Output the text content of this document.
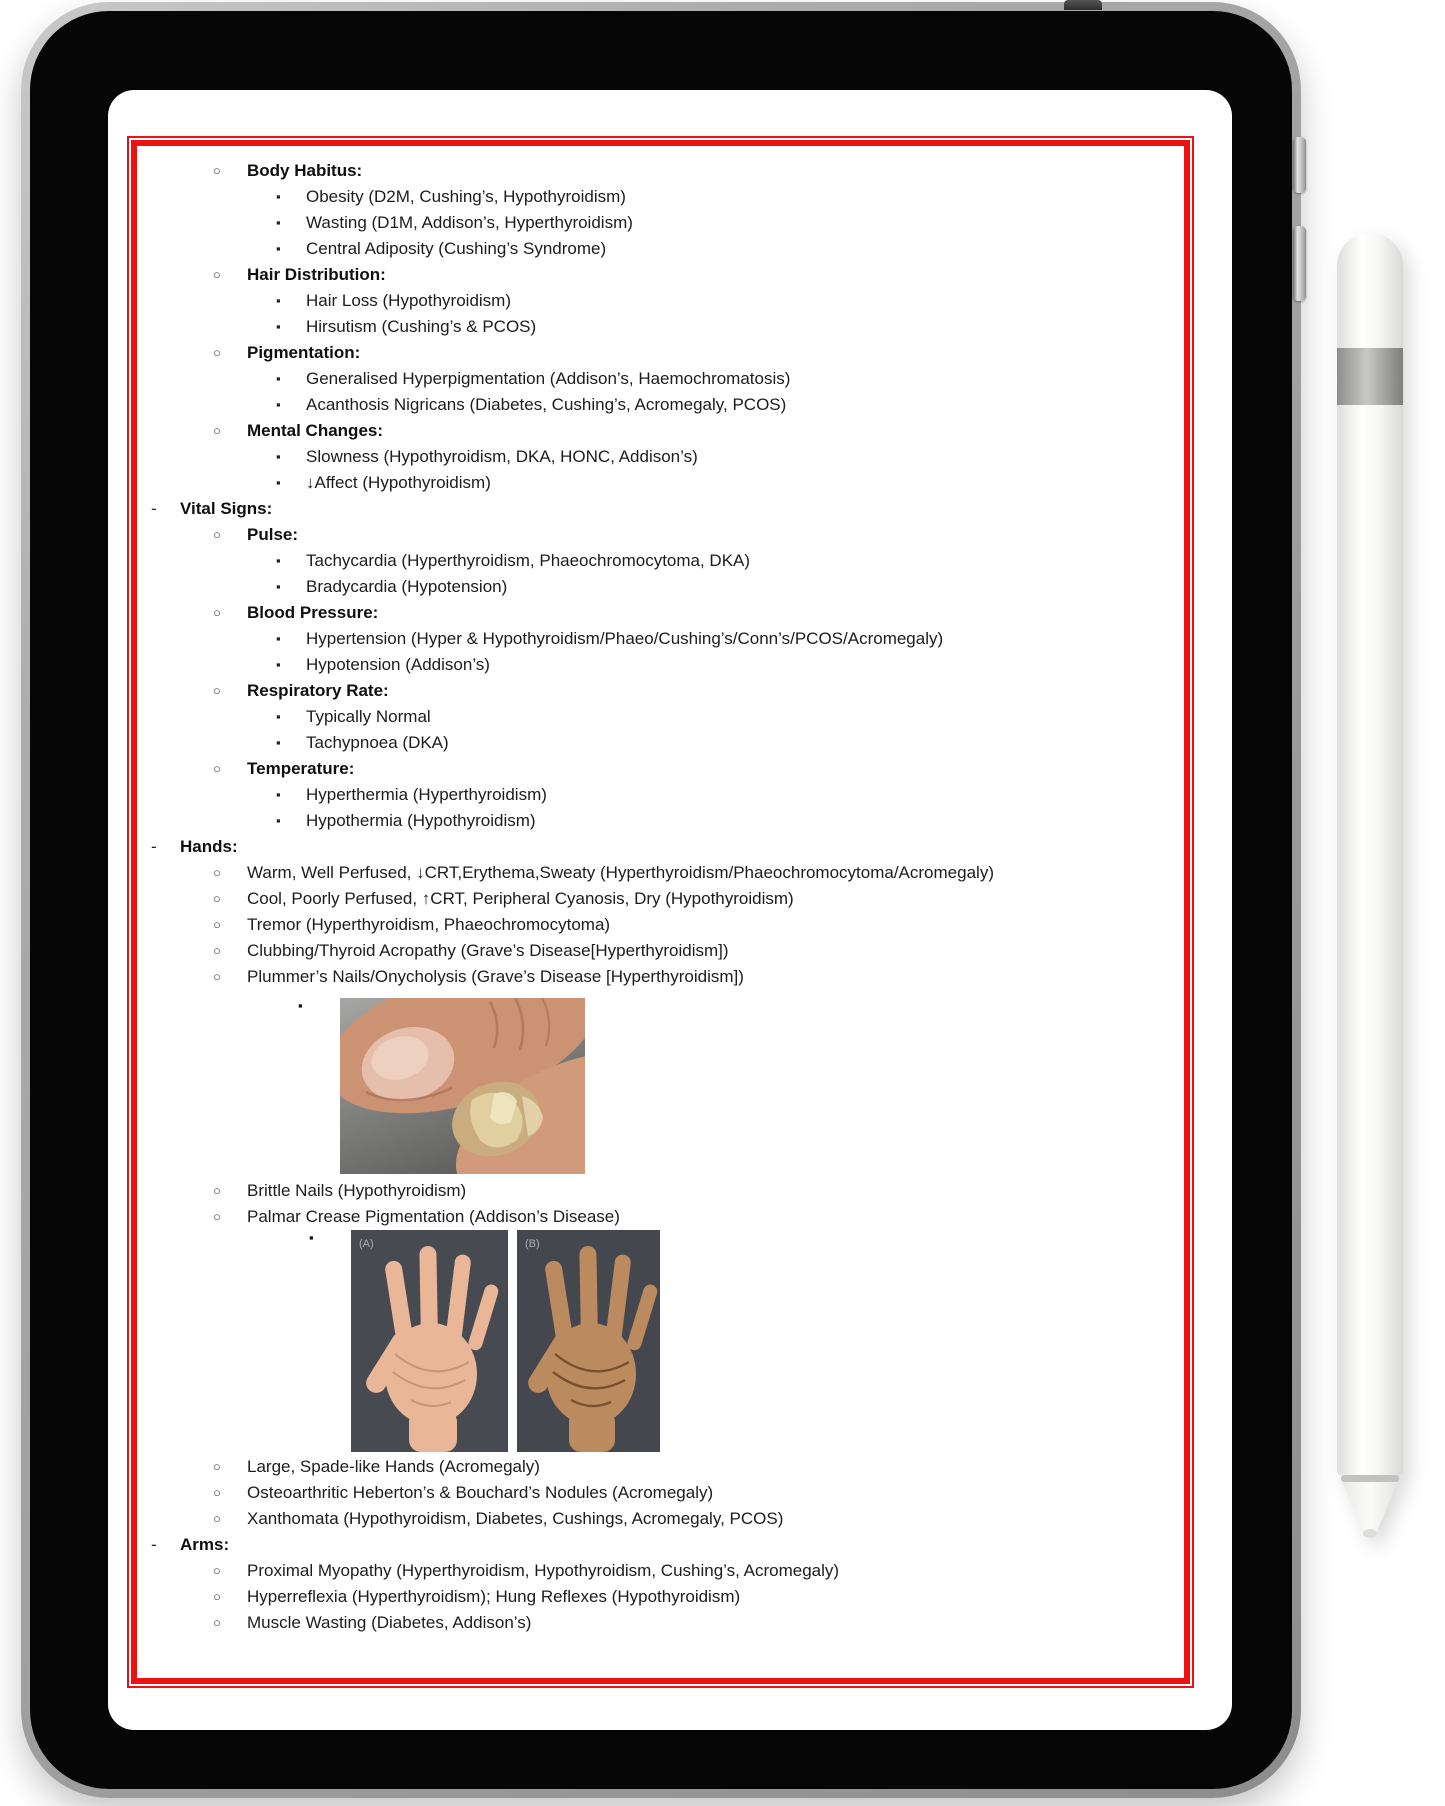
○ Body Habitus:
▪ Obesity (D2M, Cushing’s, Hypothyroidism)
▪ Wasting (D1M, Addison’s, Hyperthyroidism)
▪ Central Adiposity (Cushing’s Syndrome)
○ Hair Distribution:
▪ Hair Loss (Hypothyroidism)
▪ Hirsutism (Cushing’s & PCOS)
○ Pigmentation:
▪ Generalised Hyperpigmentation (Addison’s, Haemochromatosis)
▪ Acanthosis Nigricans (Diabetes, Cushing’s, Acromegaly, PCOS)
○ Mental Changes:
▪ Slowness (Hypothyroidism, DKA, HONC, Addison’s)
▪ ↓Affect (Hypothyroidism)
- Vital Signs:
○ Pulse:
▪ Tachycardia (Hyperthyroidism, Phaeochromocytoma, DKA)
▪ Bradycardia (Hypotension)
○ Blood Pressure:
▪ Hypertension (Hyper & Hypothyroidism/Phaeo/Cushing’s/Conn’s/PCOS/Acromegaly)
▪ Hypotension (Addison’s)
○ Respiratory Rate:
▪ Typically Normal
▪ Tachypnoea (DKA)
○ Temperature:
▪ Hyperthermia (Hyperthyroidism)
▪ Hypothermia (Hypothyroidism)
- Hands:
○ Warm, Well Perfused, ↓CRT,Erythema,Sweaty (Hyperthyroidism/Phaeochromocytoma/Acromegaly)
○ Cool, Poorly Perfused, ↑CRT, Peripheral Cyanosis, Dry (Hypothyroidism)
○ Tremor (Hyperthyroidism, Phaeochromocytoma)
○ Clubbing/Thyroid Acropathy (Grave’s Disease[Hyperthyroidism])
○ Plummer’s Nails/Onycholysis (Grave’s Disease [Hyperthyroidism])
▪
○ Brittle Nails (Hypothyroidism)
○ Palmar Crease Pigmentation (Addison’s Disease)
▪	(A)	(B)
○ Large, Spade-like Hands (Acromegaly)
○ Osteoarthritic Heberton’s & Bouchard’s Nodules (Acromegaly)
○ Xanthomata (Hypothyroidism, Diabetes, Cushings, Acromegaly, PCOS)
- Arms:
○ Proximal Myopathy (Hyperthyroidism, Hypothyroidism, Cushing’s, Acromegaly)
○ Hyperreflexia (Hyperthyroidism); Hung Reflexes (Hypothyroidism)
○ Muscle Wasting (Diabetes, Addison’s)
